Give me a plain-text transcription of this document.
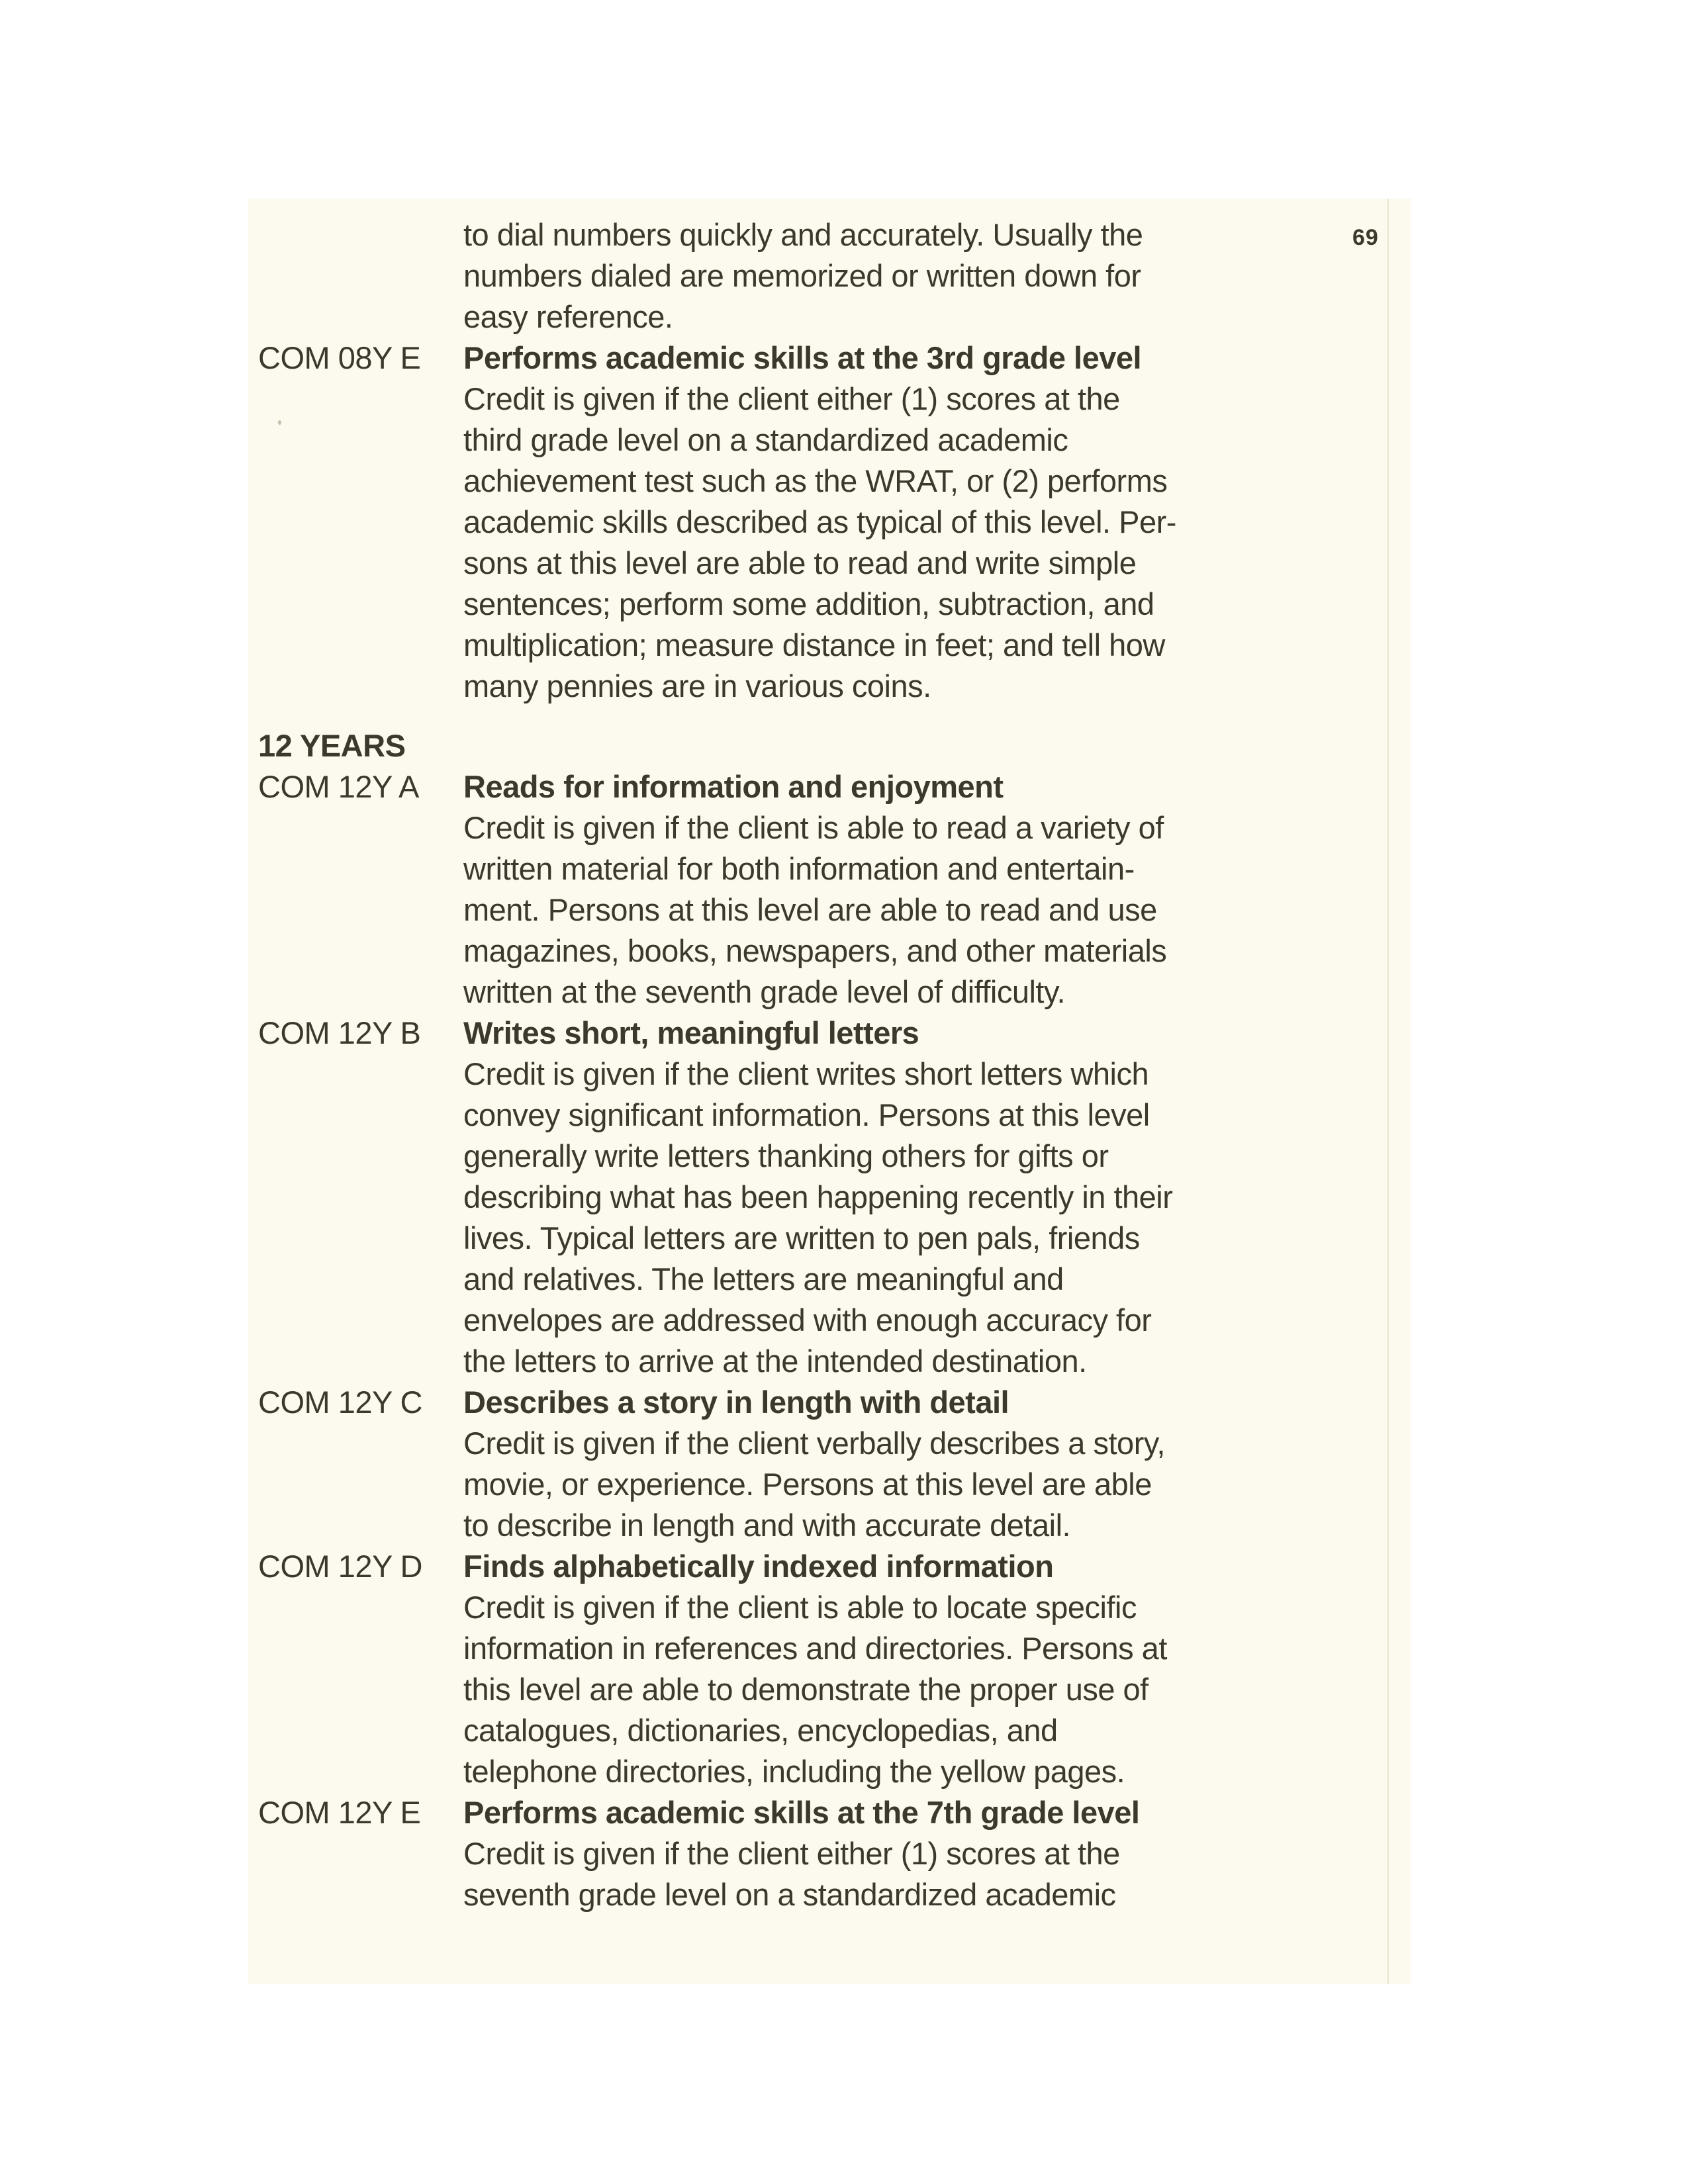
69
to dial numbers quickly and accurately. Usually the
numbers dialed are memorized or written down for
easy reference.
COM 08Y E Performs academic skills at the 3rd grade level
Credit is given if the client either (1) scores at the
third grade level on a standardized academic
achievement test such as the WRAT, or (2) performs
academic skills described as typical of this level. Per-
sons at this level are able to read and write simple
sentences; perform some addition, subtraction, and
multiplication; measure distance in feet; and tell how
many pennies are in various coins.
12 YEARS
COM 12Y A Reads for information and enjoyment
Credit is given if the client is able to read a variety of
written material for both information and entertain-
ment. Persons at this level are able to read and use
magazines, books, newspapers, and other materials
written at the seventh grade level of difficulty.
COM 12Y B Writes short, meaningful letters
Credit is given if the client writes short letters which
convey significant information. Persons at this level
generally write letters thanking others for gifts or
describing what has been happening recently in their
lives. Typical letters are written to pen pals, friends
and relatives. The letters are meaningful and
envelopes are addressed with enough accuracy for
the letters to arrive at the intended destination.
COM 12Y C Describes a story in length with detail
Credit is given if the client verbally describes a story,
movie, or experience. Persons at this level are able
to describe in length and with accurate detail.
COM 12Y D Finds alphabetically indexed information
Credit is given if the client is able to locate specific
information in references and directories. Persons at
this level are able to demonstrate the proper use of
catalogues, dictionaries, encyclopedias, and
telephone directories, including the yellow pages.
COM 12Y E Performs academic skills at the 7th grade level
Credit is given if the client either (1) scores at the
seventh grade level on a standardized academic
